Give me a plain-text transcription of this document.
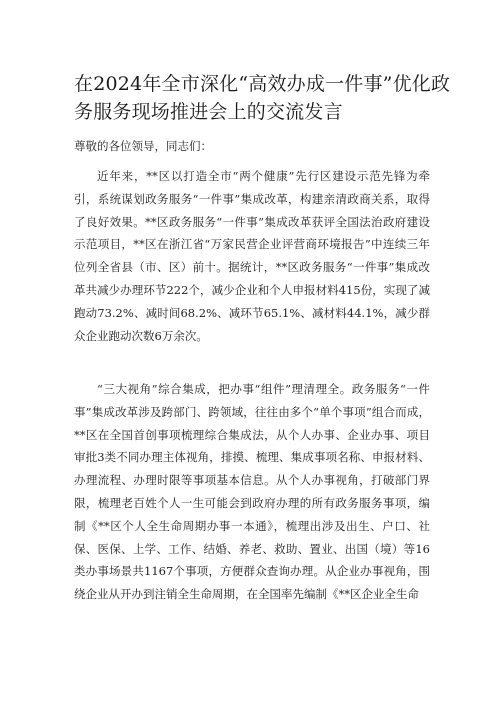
在2024年全市深化“高效办成一件事”优化政务服务现场推进会上的交流发言
尊敬的各位领导，同志们：

近年来，**区以打造全市“两个健康”先行区建设示范先锋为牵引，系统谋划政务服务“一件事”集成改革，构建亲清政商关系，取得了良好效果。**区政务服务“一件事”集成改革获评全国法治政府建设示范项目，**区在浙江省“万家民营企业评营商环境报告”中连续三年位列全省县（市、区）前十。据统计，**区政务服务“一件事”集成改革共减少办理环节222个，减少企业和个人申报材料415份，实现了减跑动73.2%、减时间68.2%、减环节65.1%、减材料44.1%，减少群众企业跑动次数6万余次。

“三大视角”综合集成，把办事“组件”理清理全。政务服务“一件事”集成改革涉及跨部门、跨领域，往往由多个“单个事项”组合而成，**区在全国首创事项梳理综合集成法，从个人办事、企业办事、项目审批3类不同办理主体视角，排摸、梳理、集成事项名称、申报材料、办理流程、办理时限等事项基本信息。从个人办事视角，打破部门界限，梳理老百姓个人一生可能会到政府办理的所有政务服务事项，编制《**区个人全生命周期办事一本通》，梳理出涉及出生、户口、社保、医保、上学、工作、结婚、养老、救助、置业、出国（境）等16类办事场景共1167个事项，方便群众查询办理。从企业办事视角，围绕企业从开办到注销全生命周期，在全国率先编制《**区企业全生命
